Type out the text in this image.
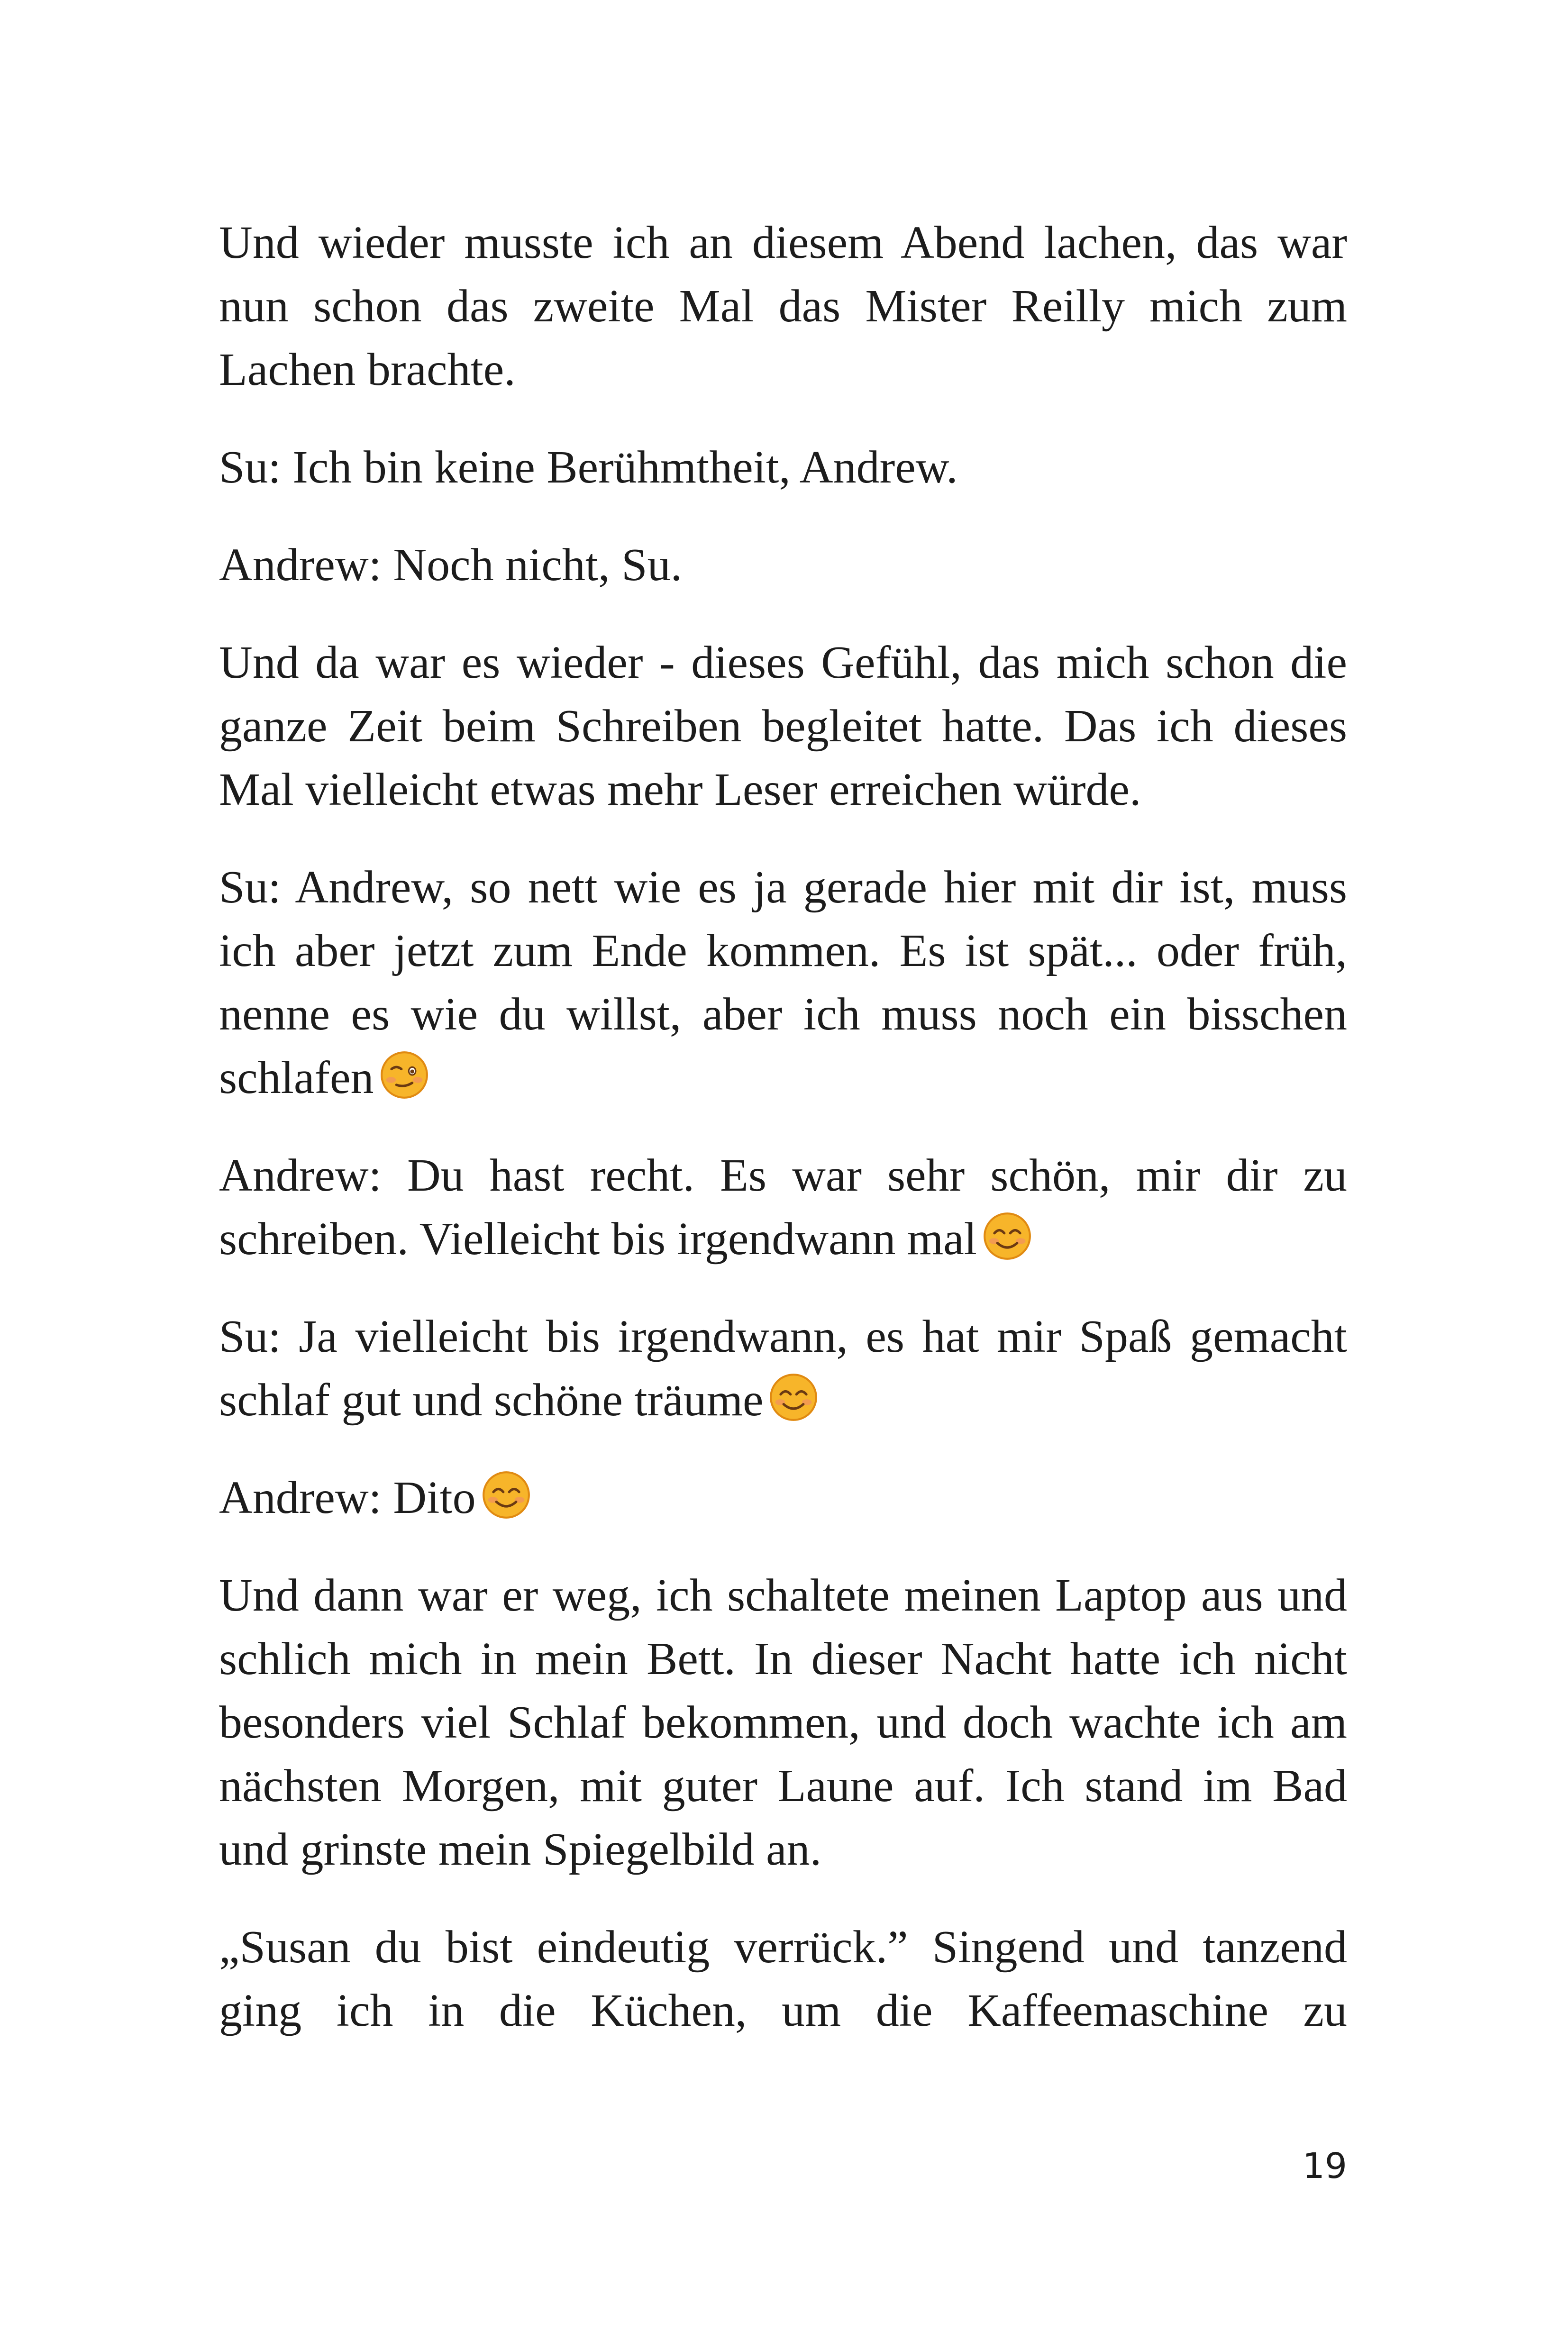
Und wieder musste ich an diesem Abend lachen, das war nun schon das zweite Mal das Mister Reilly mich zum Lachen brachte.

Su: Ich bin keine Berühmtheit, Andrew.

Andrew: Noch nicht, Su.

Und da war es wieder - dieses Gefühl, das mich schon die ganze Zeit beim Schreiben begleitet hatte. Das ich dieses Mal vielleicht etwas mehr Leser erreichen würde.

Su: Andrew, so nett wie es ja gerade hier mit dir ist, muss ich aber jetzt zum Ende kommen. Es ist spät... oder früh, nenne es wie du willst, aber ich muss noch ein bisschen schlafen

Andrew: Du hast recht. Es war sehr schön, mir dir zu schreiben. Vielleicht bis irgendwann mal

Su: Ja vielleicht bis irgendwann, es hat mir Spaß gemacht schlaf gut und schöne träume

Andrew: Dito

Und dann war er weg, ich schaltete meinen Laptop aus und schlich mich in mein Bett. In dieser Nacht hatte ich nicht besonders viel Schlaf bekommen, und doch wachte ich am nächsten Morgen, mit guter Laune auf. Ich stand im Bad und grinste mein Spiegelbild an.

„Susan du bist eindeutig verrück.” Singend und tanzend ging ich in die Küchen, um die Kaffeemaschine zu

19
